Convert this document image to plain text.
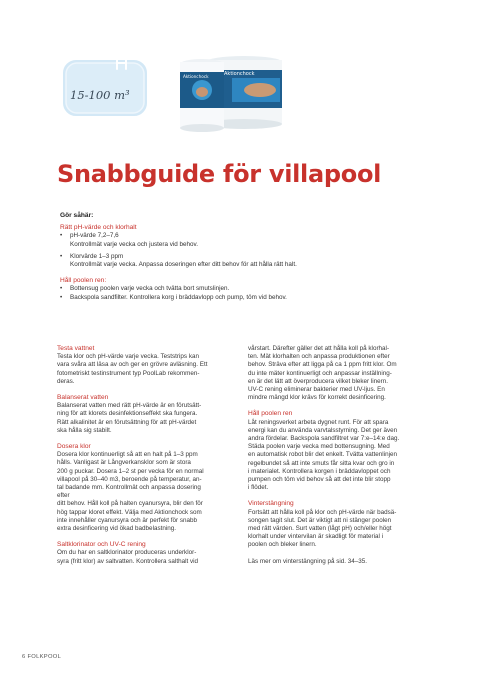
15-100 m³
Aktionchock
Aktionchock
Snabbguide för villapool
Gör såhär:
Rätt pH-värde och klorhalt
• pH-värde 7,2–7,6
Kontrollmät varje vecka och justera vid behov.
• Klorvärde 1–3 ppm
Kontrollmät varje vecka. Anpassa doseringen efter ditt behov för att hålla rätt halt.
Håll poolen ren:
• Bottensug poolen varje vecka och tvätta bort smutslinjen.
• Backspola sandfilter. Kontrollera korg i bräddavlopp och pump, töm vid behov.
Testa vattnet

Testa klor och pH-värde varje vecka. Teststrips kan

vara svåra att läsa av och ger en grövre avläsning. Ett

fotometriskt testinstrument typ PoolLab rekommen-

deras.

Balanserat vatten

Balanserat vatten med rätt pH-värde är en förutsätt-

ning för att klorets desinfektionseffekt ska fungera.

Rätt alkalinitet är en förutsättning för att pH-värdet

ska hålla sig stabilt.

Dosera klor

Dosera klor kontinuerligt så att en halt på 1–3 ppm

hålls. Vanligast är Långverkansklor som är stora

200 g puckar. Dosera 1–2 st per vecka för en normal

villapool på 30–40 m3, beroende på temperatur, an-

tal badande mm. Kontrollmät och anpassa dosering

efter

ditt behov. Håll koll på halten cyanursyra, blir den för

hög tappar kloret effekt. Välja med Aktionchock som

inte innehåller cyanursyra och är perfekt för snabb

extra desinficering vid ökad badbelastning.

Saltklorinator och UV-C rening

Om du har en saltklorinator produceras underklor-

syra (fritt klor) av saltvatten. Kontrollera salthalt vid

vårstart. Därefter gäller det att hålla koll på klorhal-

ten. Mät klorhalten och anpassa produktionen efter

behov. Sträva efter att ligga på ca 1 ppm fritt klor. Om

du inte mäter kontinuerligt och anpassar inställning-

en är det lätt att överproducera vilket bleker linern.

UV-C rening eliminerar bakterier med UV-ljus. En

mindre mängd klor krävs för korrekt desinficering.

Håll poolen ren

Låt reningsverket arbeta dygnet runt. För att spara

energi kan du använda varvtalsstyrning. Det ger även

andra fördelar. Backspola sandfiltret var 7:e–14:e dag.

Städa poolen varje vecka med bottensugning. Med

en automatisk robot blir det enkelt. Tvätta vattenlinjen

regelbundet så att inte smuts får sitta kvar och gro in

i materialet. Kontrollera korgen i bräddavloppet och

pumpen och töm vid behov så att det inte blir stopp

i flödet.

Vinterstängning

Fortsätt att hålla koll på klor och pH-värde när badsä-

songen tagit slut. Det är viktigt att ni stänger poolen

med rätt värden. Surt vatten (lågt pH) och/eller högt

klorhalt under vintervilan är skadligt för material i

poolen och bleker linern.

Läs mer om vinterstängning på sid. 34–35.

6 FOLKPOOL
